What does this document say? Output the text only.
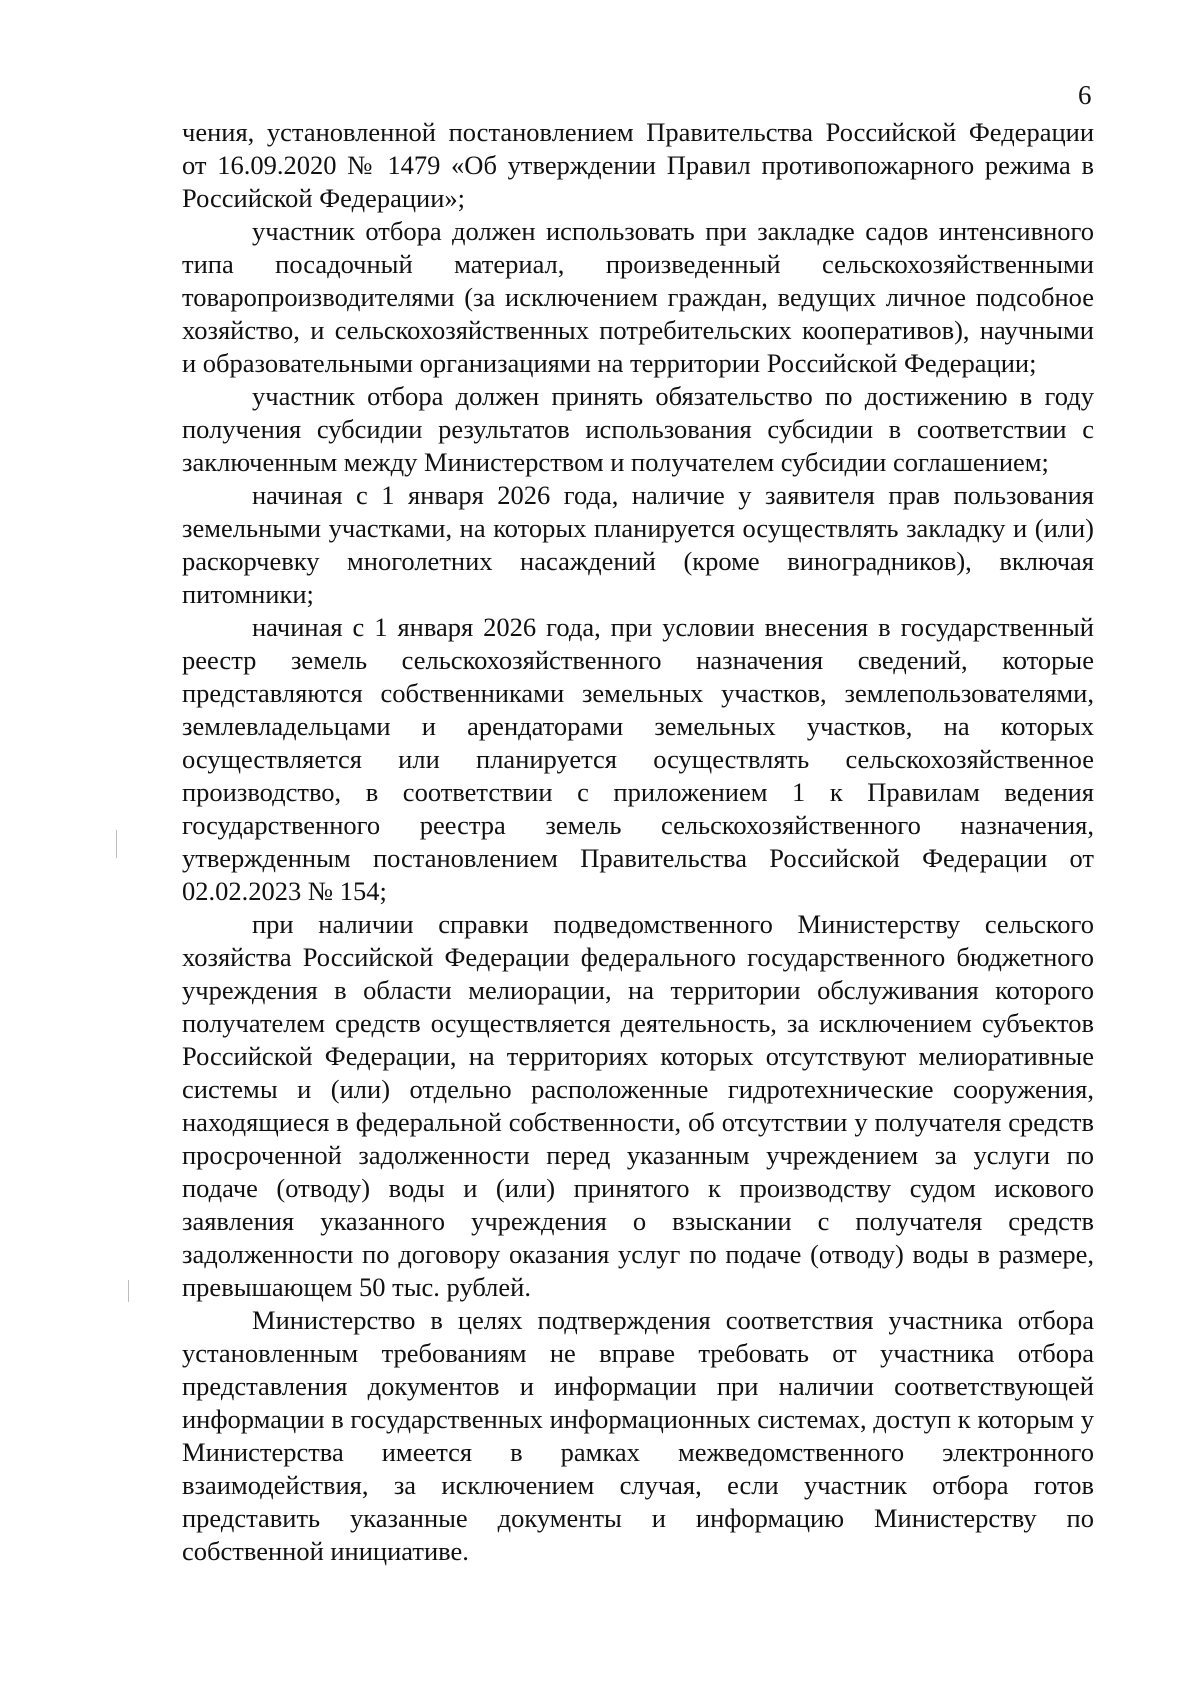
6

чения, установленной постановлением Правительства Российской Федерации от 16.09.2020 № 1479 «Об утверждении Правил противопожарного режима в Российской Федерации»;

участник отбора должен использовать при закладке садов интенсивного типа посадочный материал, произведенный сельскохозяйственными товаропроизводителями (за исключением граждан, ведущих личное подсобное хозяйство, и сельскохозяйственных потребительских кооперативов), научными и образовательными организациями на территории Российской Федерации;

участник отбора должен принять обязательство по достижению в году получения субсидии результатов использования субсидии в соответствии с заключенным между Министерством и получателем субсидии соглашением;

начиная с 1 января 2026 года, наличие у заявителя прав пользования земельными участками, на которых планируется осуществлять закладку и (или) раскорчевку многолетних насаждений (кроме виноградников), включая питомники;

начиная с 1 января 2026 года, при условии внесения в государственный реестр земель сельскохозяйственного назначения сведений, которые представляются собственниками земельных участков, землепользователями, землевладельцами и арендаторами земельных участков, на которых осуществляется или планируется осуществлять сельскохозяйственное производство, в соответствии с приложением 1 к Правилам ведения государственного реестра земель сельскохозяйственного назначения, утвержденным постановлением Правительства Российской Федерации от 02.02.2023 № 154;

при наличии справки подведомственного Министерству сельского хозяйства Российской Федерации федерального государственного бюджетного учреждения в области мелиорации, на территории обслуживания которого получателем средств осуществляется деятельность, за исключением субъектов Российской Федерации, на территориях которых отсутствуют мелиоративные системы и (или) отдельно расположенные гидротехнические сооружения, находящиеся в федеральной собственности, об отсутствии у получателя средств просроченной задолженности перед указанным учреждением за услуги по подаче (отводу) воды и (или) принятого к производству судом искового заявления указанного учреждения о взыскании с получателя средств задолженности по договору оказания услуг по подаче (отводу) воды в размере, превышающем 50 тыс. рублей.

Министерство в целях подтверждения соответствия участника отбора установленным требованиям не вправе требовать от участника отбора представления документов и информации при наличии соответствующей информации в государственных информационных системах, доступ к которым у Министерства имеется в рамках межведомственного электронного взаимодействия, за исключением случая, если участник отбора готов представить указанные документы и информацию Министерству по собственной инициативе.
